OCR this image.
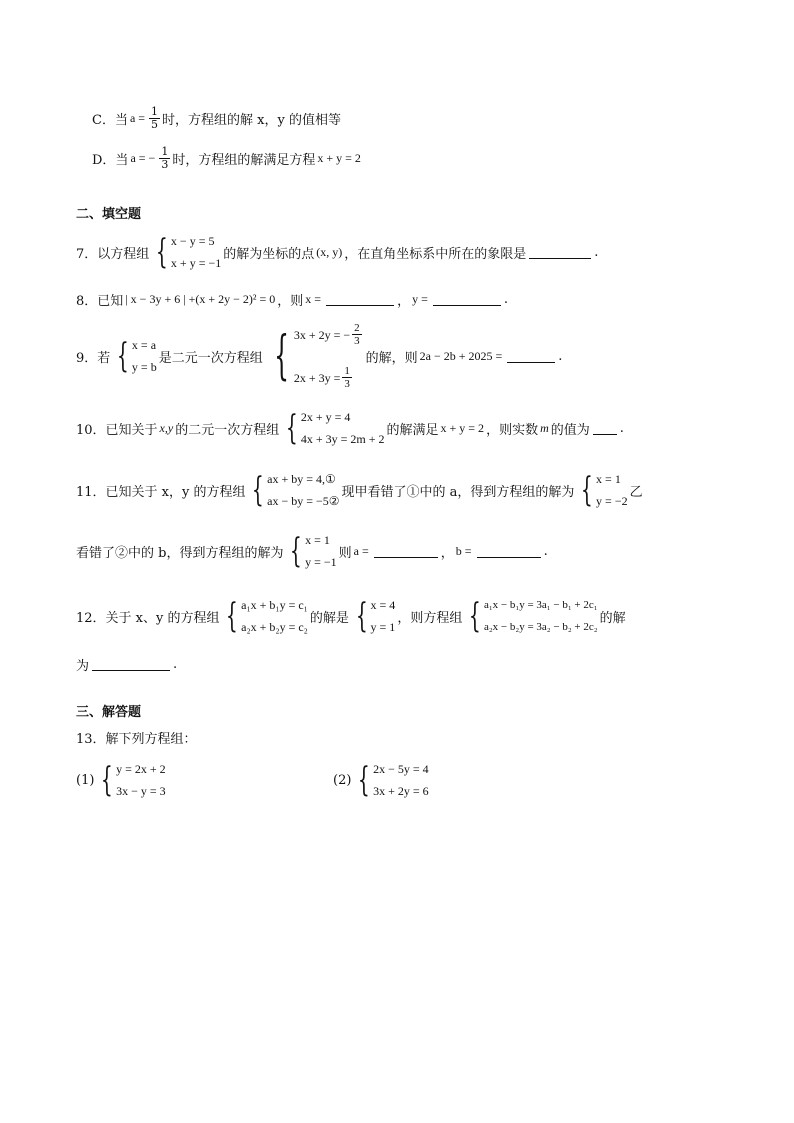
C．当 $a = \frac{1}{5}$ 时，方程组的解 x，y 的值相等
D．当 a = − $\frac{1}{3}$ 时，方程组的解满足方程 x + y = 2
二、填空题
7．以方程组 { x − y = 5
x + y = −1
的解为坐标的点 (x, y) ，在直角坐标系中所在的象限是	.
8．已知 | x − 3y + 6 | +(x + 2y − 2)² = 0 ，则 x =	， y =	.
9．若 { x = a
y = b
是二元一次方程组 { 3x + 2y = − $\frac{2}{3}$
$2x + 3y = \frac{1}{3}$
的解，则 2a − 2b + 2025 =	.
10．已知关于 x,y 的二元一次方程组 { 2x + y = 4
4x + 3y = 2m + 2
的解满足 x + y = 2 ，则实数 m 的值为 .
11．已知关于 x，y 的方程组 { ax + by = 4,①
ax − by = −5②
现甲看错了①中的 a，得到方程组的解为 { x = 1
y = −2
乙
看错了②中的 b，得到方程组的解为 { x = 1
y = −1
则 a =	， b =	.
12．关于 x、y 的方程组 { a₁x + b₁y = c₁
a₂x + b₂y = c₂
的解是 { x = 4
y = 1
，则方程组 { a₁x − b₁y = 3a₁ − b₁ + 2c₁
a₂x − b₂y = 3a₂ − b₂ + 2c₂
的解
为	.
三、解答题
13．解下列方程组：
(1) { y = 2x + 2
3x − y = 3
(2) { 2x − 5y = 4
3x + 2y = 6
